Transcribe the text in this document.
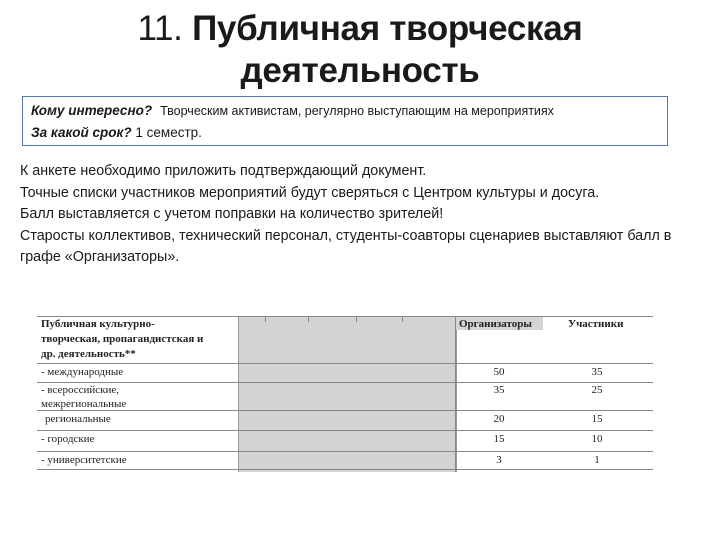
11. Публичная творческая
деятельность
Кому интересно? Творческим активистам, регулярно выступающим на мероприятиях
За какой срок? 1 семестр.

К анкете необходимо приложить подтверждающий документ.

Точные списки участников мероприятий будут сверяться с Центром культуры и досуга.

Балл выставляется с учетом поправки на количество зрителей!

Старосты коллективов, технический персонал, студенты-соавторы сценариев выставляют балл в графе «Организаторы».

Публичная культурно-
творческая, пропагандистская и
др. деятельность**
Организаторы	Участники
- международные	50	35
- всероссийские,
межрегиональные
35	25
региональные	20	15
- городские	15	10
- университетские	3	1
